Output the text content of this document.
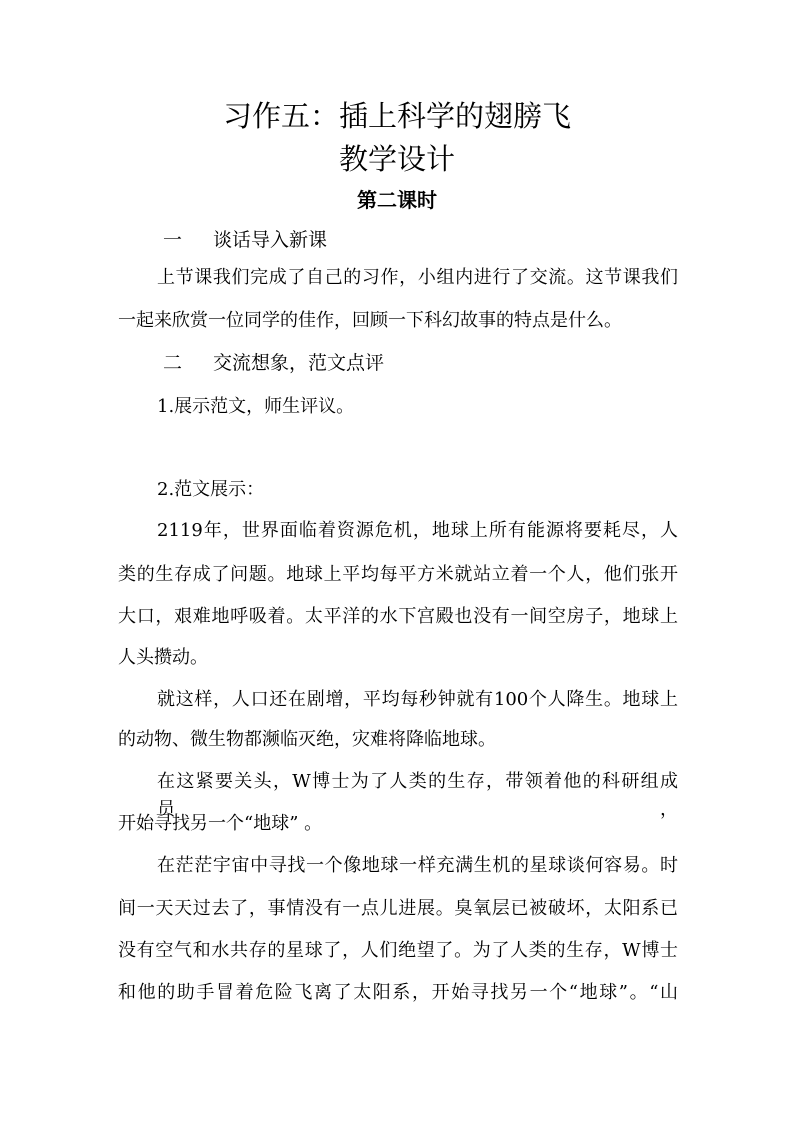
习作五：插上科学的翅膀飞
教学设计
第二课时
一 谈话导入新课
上节课我们完成了自己的习作，小组内进行了交流。这节课我们
一起来欣赏一位同学的佳作，回顾一下科幻故事的特点是什么。
二 交流想象，范文点评
1.展示范文，师生评议。
2.范文展示：
2119年，世界面临着资源危机，地球上所有能源将要耗尽，人
类的生存成了问题。地球上平均每平方米就站立着一个人，他们张开
大口，艰难地呼吸着。太平洋的水下宫殿也没有一间空房子，地球上
人头攒动。
就这样，人口还在剧增，平均每秒钟就有100个人降生。地球上
的动物、微生物都濒临灭绝，灾难将降临地球。
在这紧要关头，W博士为了人类的生存，带领着他的科研组成员，
开始寻找另一个“地球” 。
在茫茫宇宙中寻找一个像地球一样充满生机的星球谈何容易。时
间一天天过去了，事情没有一点儿进展。臭氧层已被破坏，太阳系已
没有空气和水共存的星球了，人们绝望了。为了人类的生存，W博士
和他的助手冒着危险飞离了太阳系，开始寻找另一个“地球”。“山
